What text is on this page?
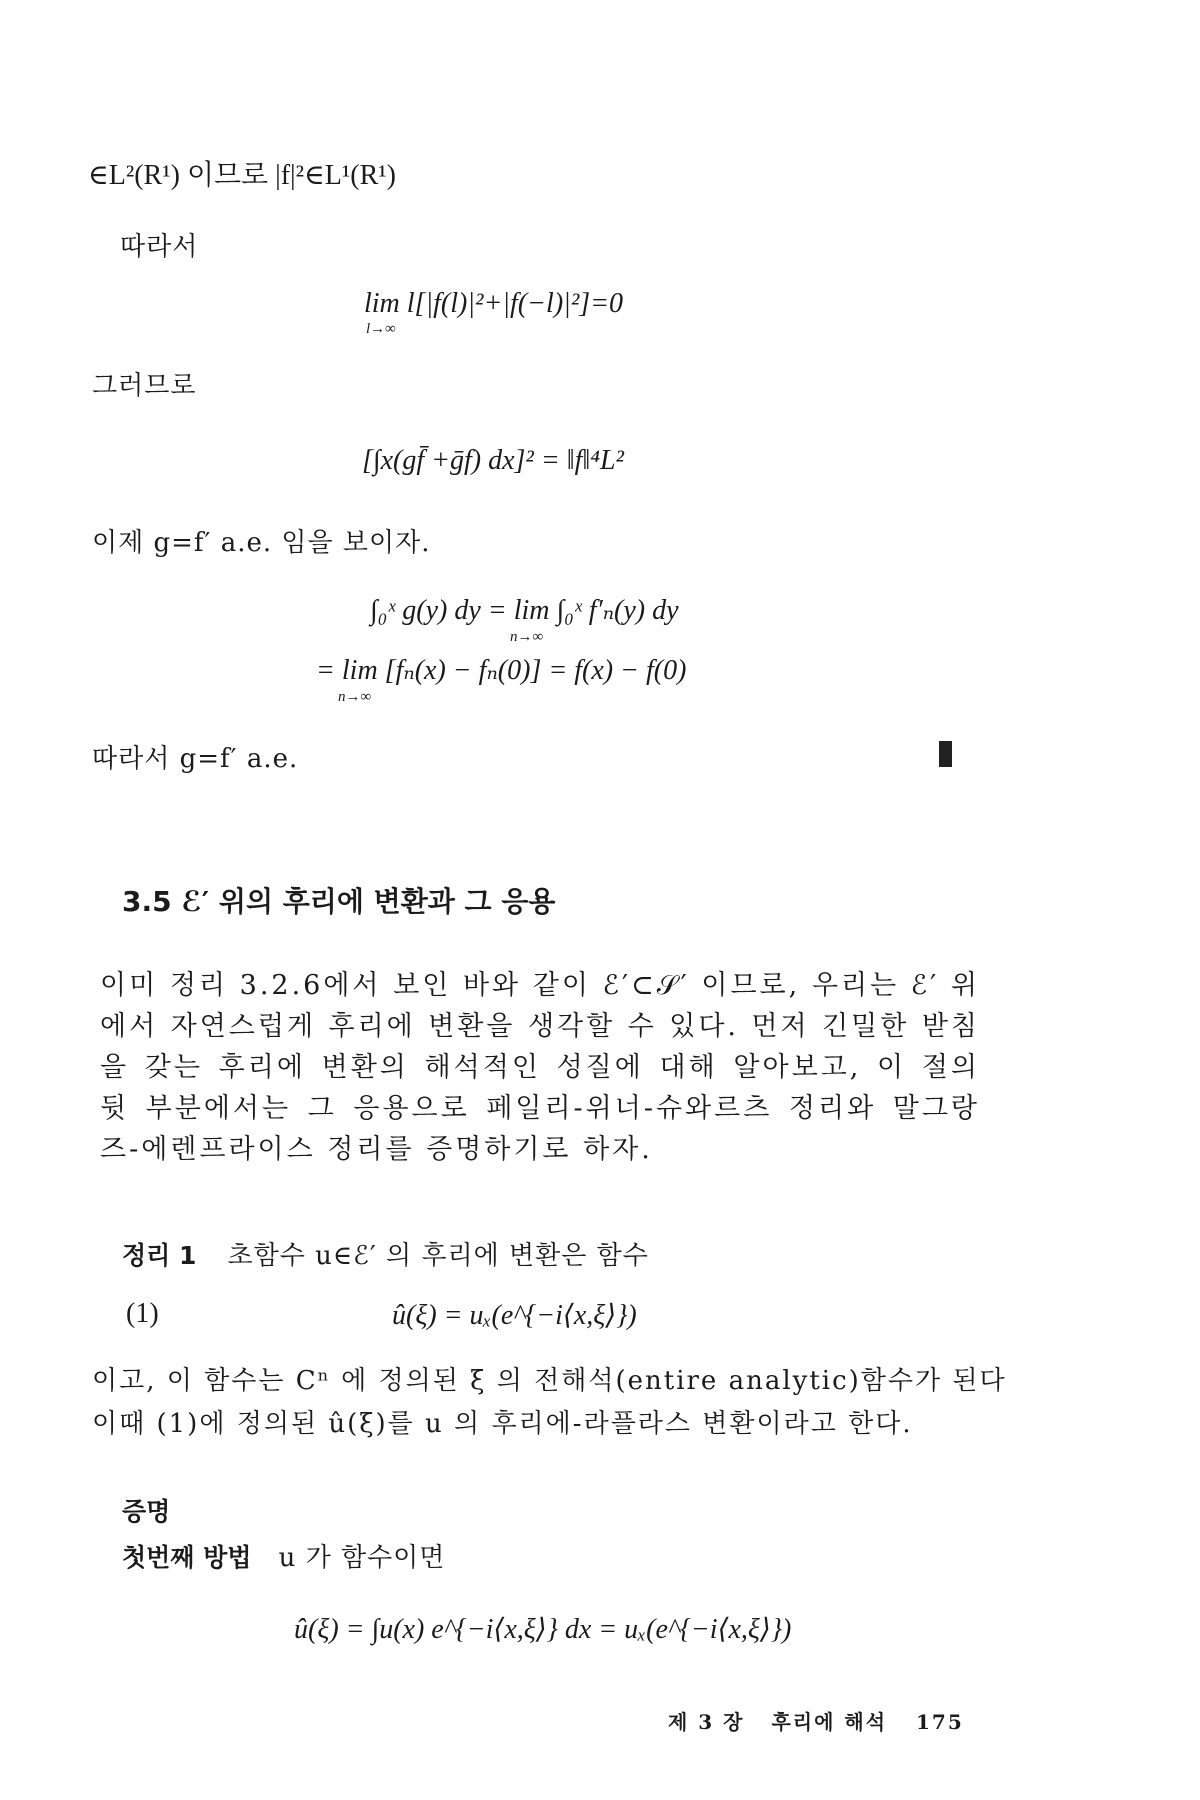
∈L²(R¹) 이므로 |f|²∈L¹(R¹)
따라서
lim l[|f(l)|²+|f(−l)|²]=0
l→∞
그러므로
[∫x(gf̄ +ḡf) dx]² = ‖f‖⁴L²
이제 g=f′ a.e. 임을 보이자.
∫₀ˣ g(y) dy = lim ∫₀ˣ f′ₙ(y) dy
n→∞
= lim [fₙ(x) − fₙ(0)] = f(x) − f(0)
n→∞
따라서 g=f′ a.e.
3.5 ℰ′ 위의 후리에 변환과 그 응용
이미 정리 3.2.6에서 보인 바와 같이 ℰ′⊂𝒮′ 이므로, 우리는 ℰ′ 위에서 자연스럽게 후리에 변환을 생각할 수 있다. 먼저 긴밀한 받침을 갖는 후리에 변환의 해석적인 성질에 대해 알아보고, 이 절의 뒷 부분에서는 그 응용으로 페일리-위너-슈와르츠 정리와 말그랑즈-에렌프라이스 정리를 증명하기로 하자.
정리 1 초함수 u∈ℰ′ 의 후리에 변환은 함수
(1)	û(ξ) = uₓ(e^{−i⟨x,ξ⟩})
이고, 이 함수는 Cⁿ 에 정의된 ξ 의 전해석(entire analytic)함수가 된다
이때 (1)에 정의된 û(ξ)를 u 의 후리에-라플라스 변환이라고 한다.
증명
첫번째 방법 u 가 함수이면
û(ξ) = ∫u(x) e^{−i⟨x,ξ⟩} dx = uₓ(e^{−i⟨x,ξ⟩})
제 3 장 후리에 해석 175
